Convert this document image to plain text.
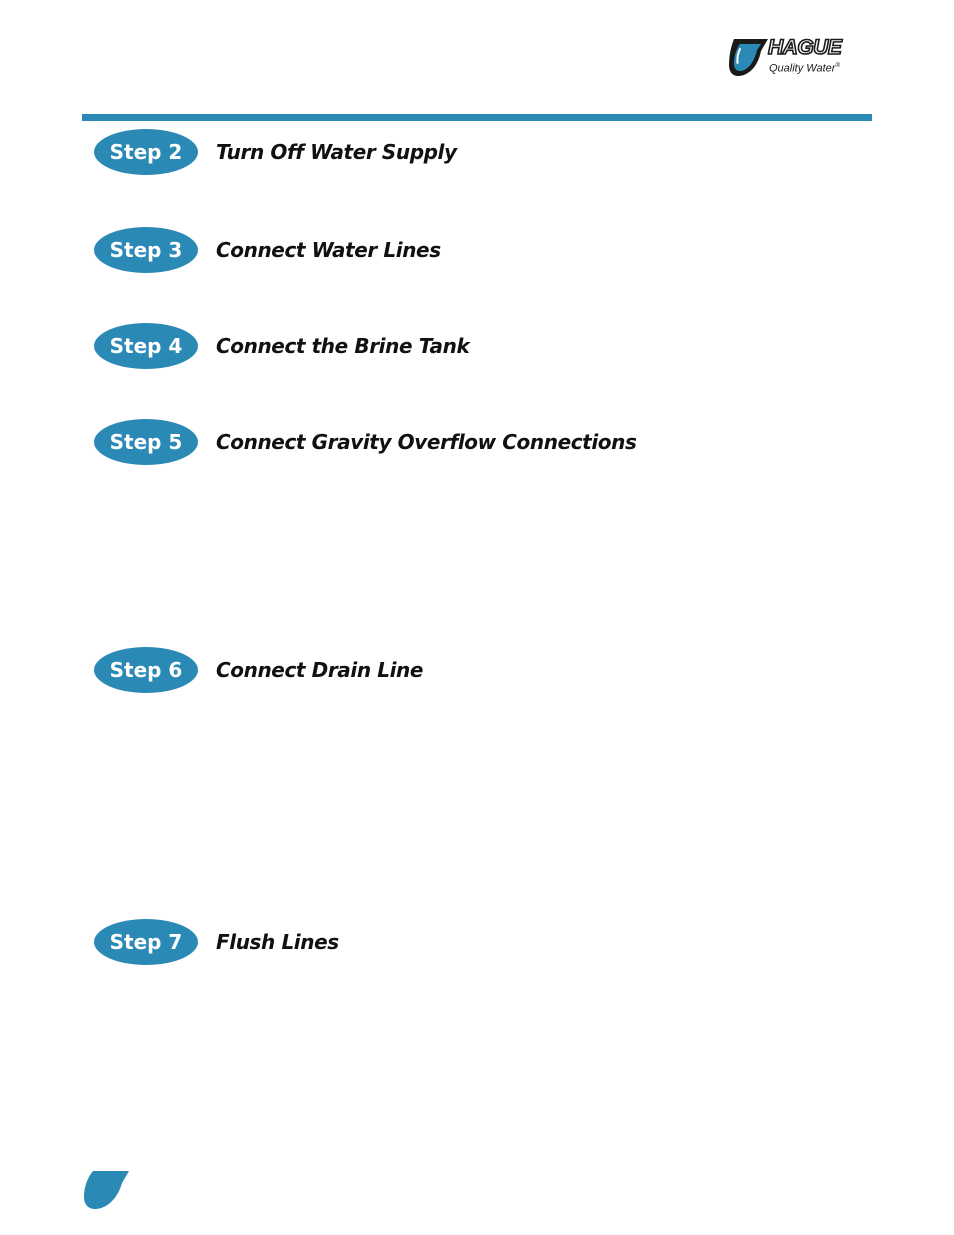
HAGUE
Quality Water®
Step 2	Turn Off Water Supply
Step 3	Connect Water Lines
Step 4	Connect the Brine Tank
Step 5	Connect Gravity Overflow Connections
Step 6	Connect Drain Line
Step 7	Flush Lines
